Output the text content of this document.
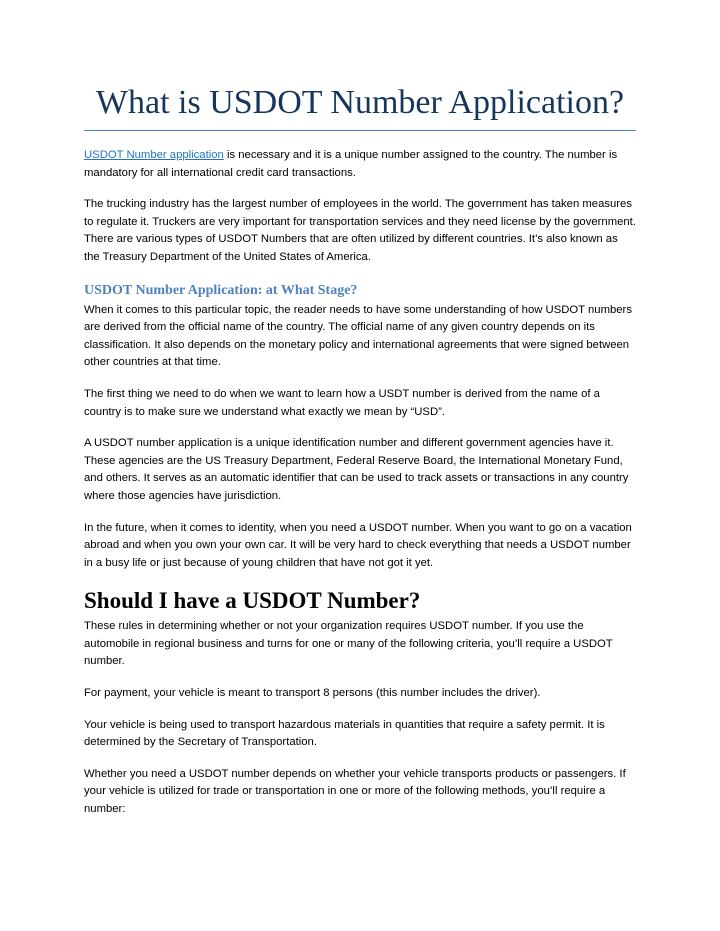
What is USDOT Number Application?

USDOT Number application is necessary and it is a unique number assigned to the country. The number is mandatory for all international credit card transactions.

The trucking industry has the largest number of employees in the world. The government has taken measures to regulate it. Truckers are very important for transportation services and they need license by the government. There are various types of USDOT Numbers that are often utilized by different countries. It’s also known as the Treasury Department of the United States of America.

USDOT Number Application: at What Stage?

When it comes to this particular topic, the reader needs to have some understanding of how USDOT numbers are derived from the official name of the country. The official name of any given country depends on its classification. It also depends on the monetary policy and international agreements that were signed between other countries at that time.

The first thing we need to do when we want to learn how a USDT number is derived from the name of a country is to make sure we understand what exactly we mean by “USD”.

A USDOT number application is a unique identification number and different government agencies have it. These agencies are the US Treasury Department, Federal Reserve Board, the International Monetary Fund, and others. It serves as an automatic identifier that can be used to track assets or transactions in any country where those agencies have jurisdiction.

In the future, when it comes to identity, when you need a USDOT number. When you want to go on a vacation abroad and when you own your own car. It will be very hard to check everything that needs a USDOT number in a busy life or just because of young children that have not got it yet.

Should I have a USDOT Number?

These rules in determining whether or not your organization requires USDOT number. If you use the automobile in regional business and turns for one or many of the following criteria, you’ll require a USDOT number.

For payment, your vehicle is meant to transport 8 persons (this number includes the driver).

Your vehicle is being used to transport hazardous materials in quantities that require a safety permit. It is determined by the Secretary of Transportation.

Whether you need a USDOT number depends on whether your vehicle transports products or passengers. If your vehicle is utilized for trade or transportation in one or more of the following methods, you’ll require a number:
